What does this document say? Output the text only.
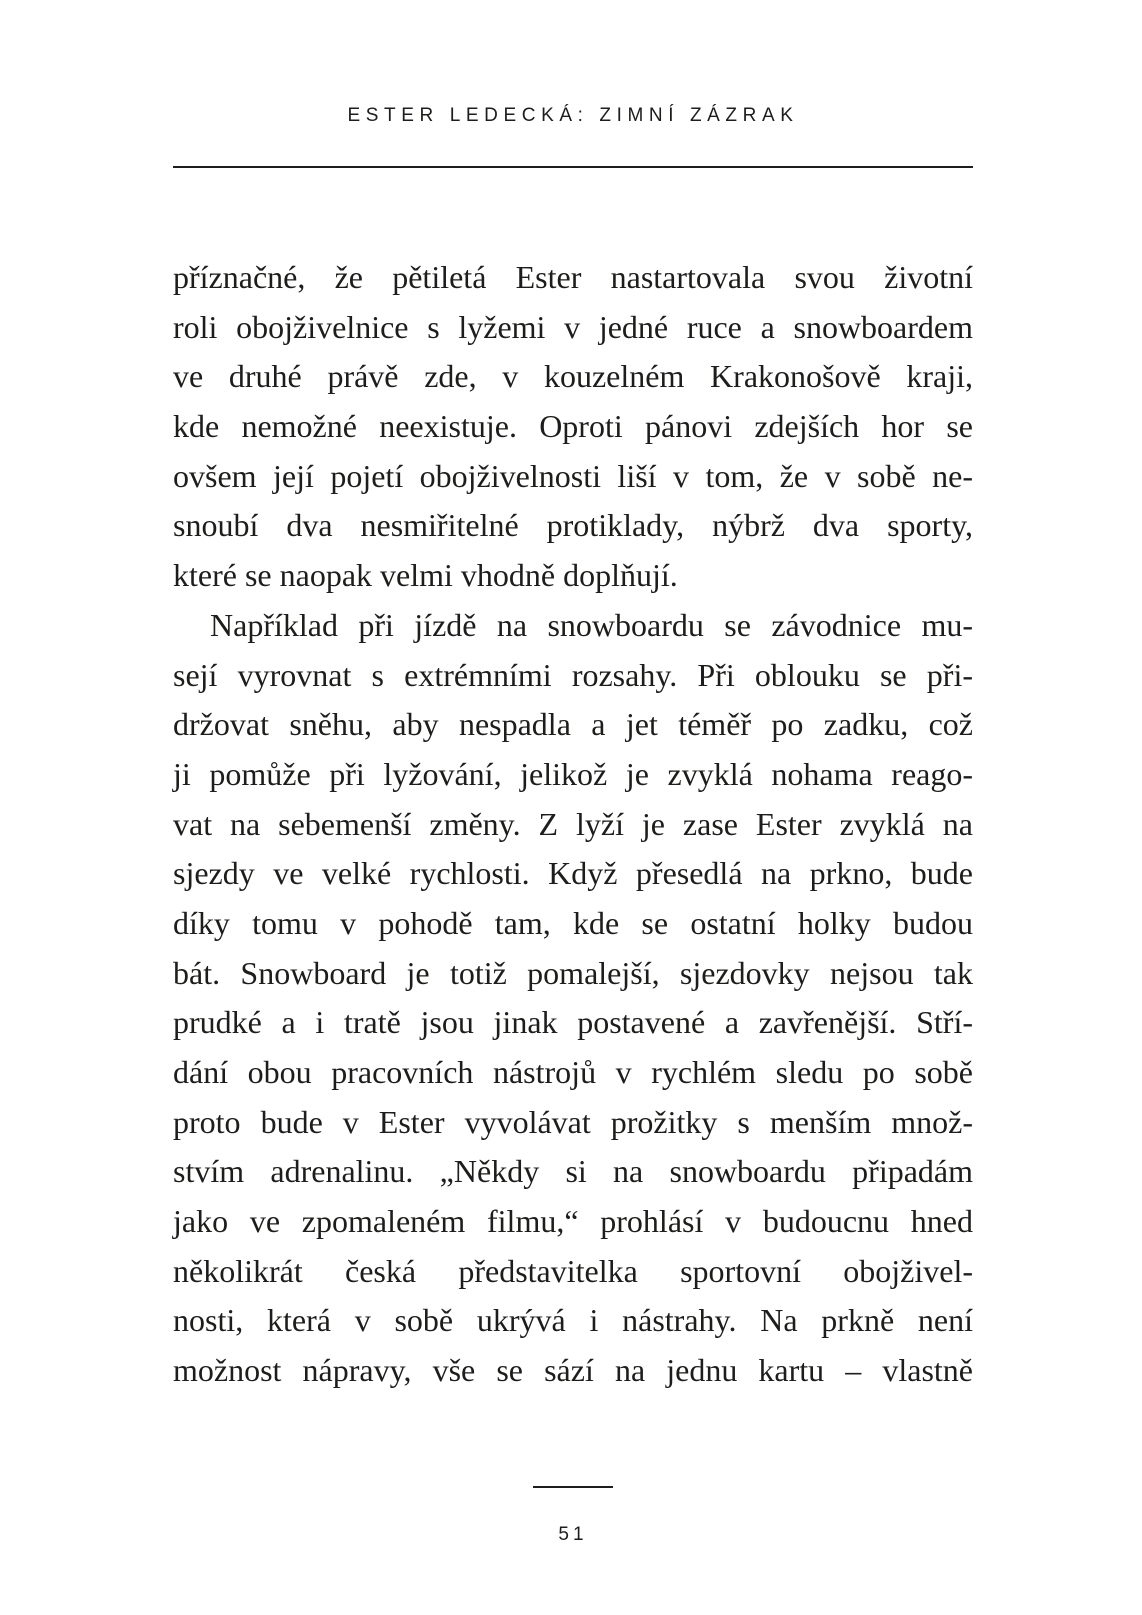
ESTER LEDECKÁ: ZIMNÍ ZÁZRAK
příznačné, že pětiletá Ester nastartovala svou životní
roli obojživelnice s lyžemi v jedné ruce a snowboardem
ve druhé právě zde, v kouzelném Krakonošově kraji,
kde nemožné neexistuje. Oproti pánovi zdejších hor se
ovšem její pojetí obojživelnosti liší v tom, že v sobě ne-
snoubí dva nesmiřitelné protiklady, nýbrž dva sporty,
které se naopak velmi vhodně doplňují.
Například při jízdě na snowboardu se závodnice mu-
sejí vyrovnat s extrémními rozsahy. Při oblouku se při-
držovat sněhu, aby nespadla a jet téměř po zadku, což
ji pomůže při lyžování, jelikož je zvyklá nohama reago-
vat na sebemenší změny. Z lyží je zase Ester zvyklá na
sjezdy ve velké rychlosti. Když přesedlá na prkno, bude
díky tomu v pohodě tam, kde se ostatní holky budou
bát. Snowboard je totiž pomalejší, sjezdovky nejsou tak
prudké a i tratě jsou jinak postavené a zavřenější. Stří-
dání obou pracovních nástrojů v rychlém sledu po sobě
proto bude v Ester vyvolávat prožitky s menším množ-
stvím adrenalinu. „Někdy si na snowboardu připadám
jako ve zpomaleném filmu,“ prohlásí v budoucnu hned
několikrát česká představitelka sportovní obojživel-
nosti, která v sobě ukrývá i nástrahy. Na prkně není
možnost nápravy, vše se sází na jednu kartu – vlastně
51
